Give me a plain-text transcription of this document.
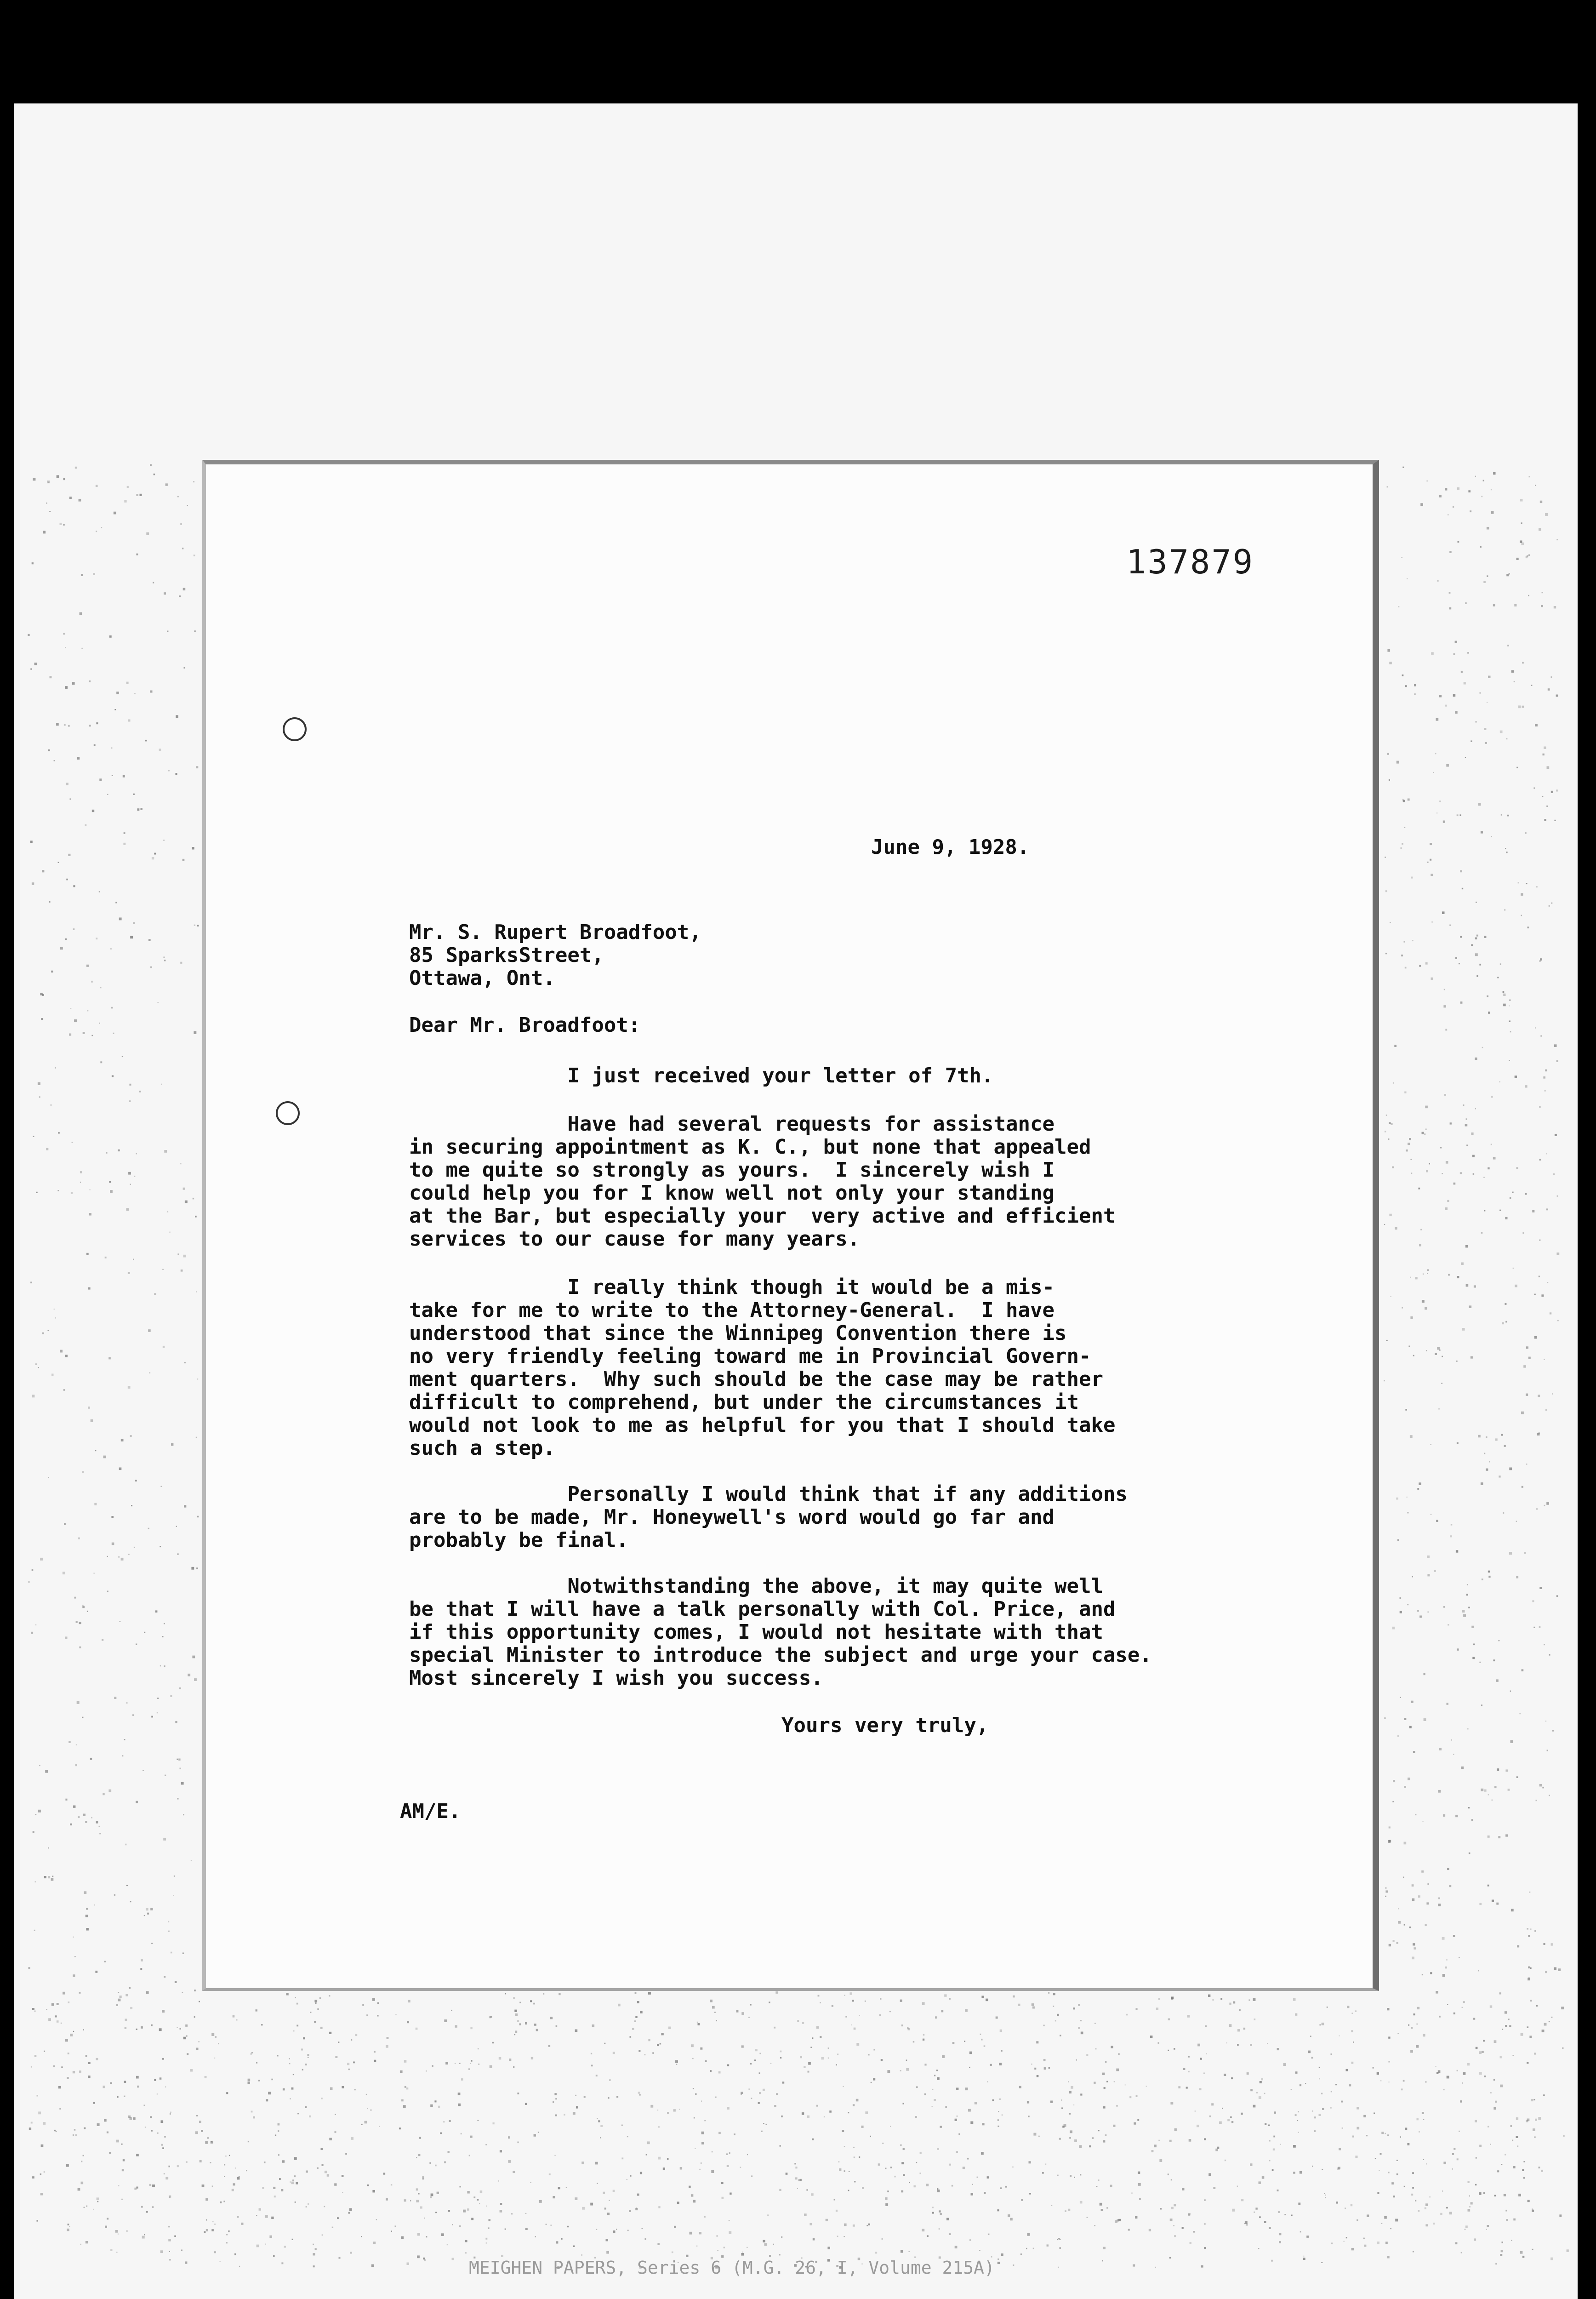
137879
June 9, 1928.
Mr. S. Rupert Broadfoot,
85 SparksStreet,
Ottawa, Ont.
Dear Mr. Broadfoot:
I just received your letter of 7th.
Have had several requests for assistance
in securing appointment as K. C., but none that appealed
to me quite so strongly as yours.  I sincerely wish I
could help you for I know well not only your standing
at the Bar, but especially your  very active and efficient
services to our cause for many years.
I really think though it would be a mis-
take for me to write to the Attorney-General.  I have
understood that since the Winnipeg Convention there is
no very friendly feeling toward me in Provincial Govern-
ment quarters.  Why such should be the case may be rather
difficult to comprehend, but under the circumstances it
would not look to me as helpful for you that I should take
such a step.
Personally I would think that if any additions
are to be made, Mr. Honeywell's word would go far and
probably be final.
Notwithstanding the above, it may quite well
be that I will have a talk personally with Col. Price, and
if this opportunity comes, I would not hesitate with that
special Minister to introduce the subject and urge your case.
Most sincerely I wish you success.
Yours very truly,
AM/E.
MEIGHEN PAPERS, Series 6 (M.G. 26, I, Volume 215A)
